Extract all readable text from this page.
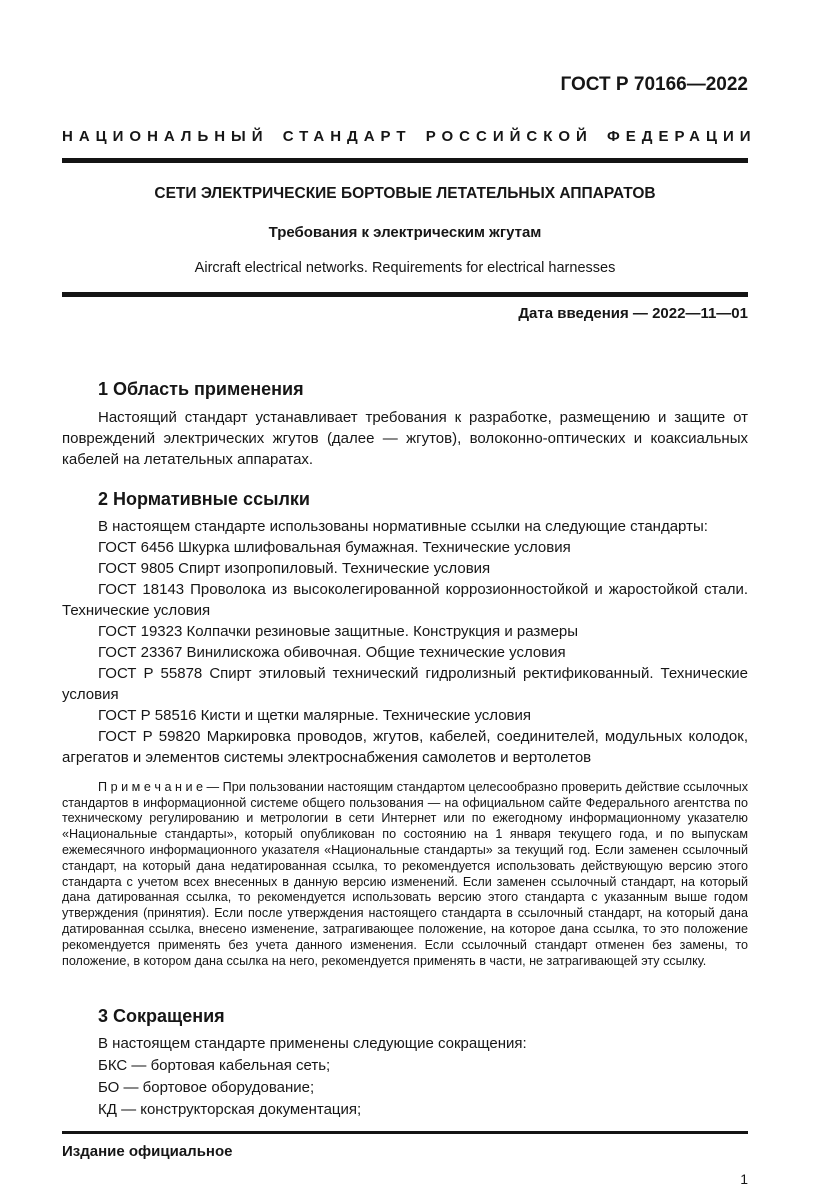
ГОСТ Р 70166—2022
НАЦИОНАЛЬНЫЙ СТАНДАРТ РОССИЙСКОЙ ФЕДЕРАЦИИ
СЕТИ ЭЛЕКТРИЧЕСКИЕ БОРТОВЫЕ ЛЕТАТЕЛЬНЫХ АППАРАТОВ
Требования к электрическим жгутам
Aircraft electrical networks. Requirements for electrical harnesses
Дата введения — 2022—11—01
1 Область применения

Настоящий стандарт устанавливает требования к разработке, размещению и защите от повреждений электрических жгутов (далее — жгутов), волоконно-оптических и коаксиальных кабелей на летательных аппаратах.

2 Нормативные ссылки

В настоящем стандарте использованы нормативные ссылки на следующие стандарты:

ГОСТ 6456 Шкурка шлифовальная бумажная. Технические условия

ГОСТ 9805 Спирт изопропиловый. Технические условия

ГОСТ 18143 Проволока из высоколегированной коррозионностойкой и жаростойкой стали. Технические условия

ГОСТ 19323 Колпачки резиновые защитные. Конструкция и размеры

ГОСТ 23367 Винилискожа обивочная. Общие технические условия

ГОСТ Р 55878 Спирт этиловый технический гидролизный ректификованный. Технические условия

ГОСТ Р 58516 Кисти и щетки малярные. Технические условия

ГОСТ Р 59820 Маркировка проводов, жгутов, кабелей, соединителей, модульных колодок, агрегатов и элементов системы электроснабжения самолетов и вертолетов

П р и м е ч а н и е — При пользовании настоящим стандартом целесообразно проверить действие ссылочных стандартов в информационной системе общего пользования — на официальном сайте Федерального агентства по техническому регулированию и метрологии в сети Интернет или по ежегодному информационному указателю «Национальные стандарты», который опубликован по состоянию на 1 января текущего года, и по выпускам ежемесячного информационного указателя «Национальные стандарты» за текущий год. Если заменен ссылочный стандарт, на который дана недатированная ссылка, то рекомендуется использовать действующую версию этого стандарта с учетом всех внесенных в данную версию изменений. Если заменен ссылочный стандарт, на который дана датированная ссылка, то рекомендуется использовать версию этого стандарта с указанным выше годом утверждения (принятия). Если после утверждения настоящего стандарта в ссылочный стандарт, на который дана датированная ссылка, внесено изменение, затрагивающее положение, на которое дана ссылка, то это положение рекомендуется применять без учета данного изменения. Если ссылочный стандарт отменен без замены, то положение, в котором дана ссылка на него, рекомендуется применять в части, не затрагивающей эту ссылку.

3 Сокращения

В настоящем стандарте применены следующие сокращения:

БКС — бортовая кабельная сеть;

БО — бортовое оборудование;

КД — конструкторская документация;

Издание официальное
1
